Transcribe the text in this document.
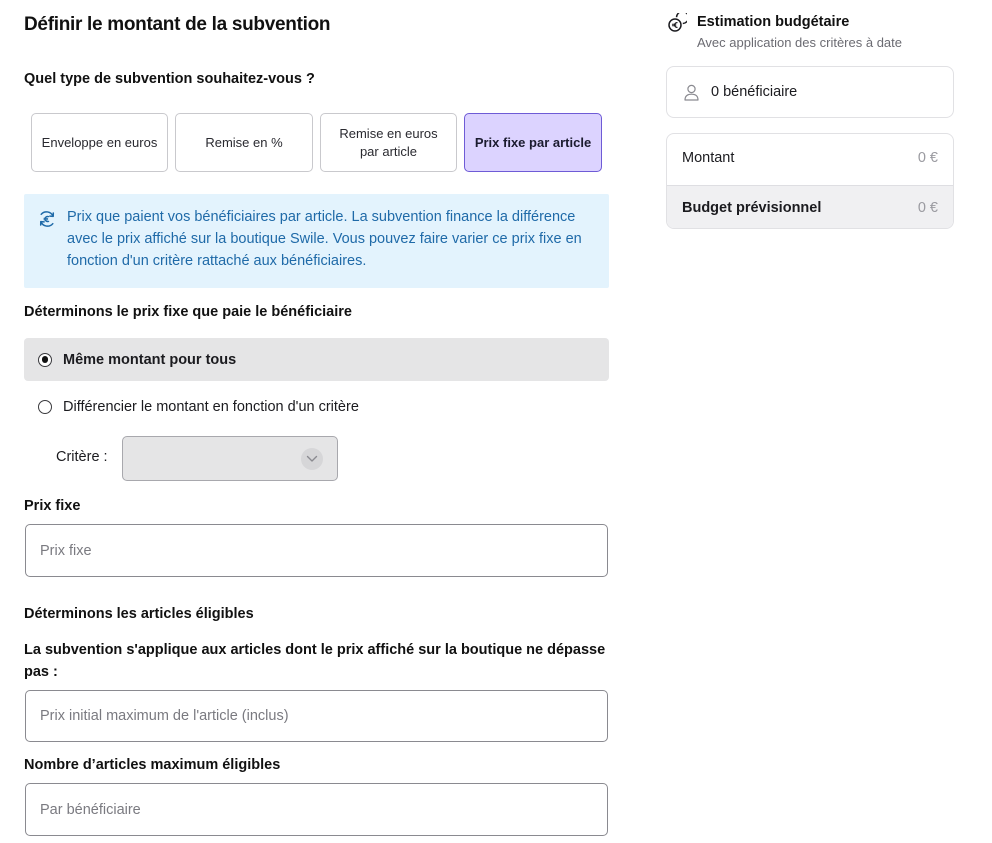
Définir le montant de la subvention
Quel type de subvention souhaitez-vous ?
Enveloppe en euros	Remise en %
Remise en euros par article
Prix fixe par article
Prix que paient vos bénéficiaires par article. La subvention finance la différence avec le prix affiché sur la boutique Swile. Vous pouvez faire varier ce prix fixe en fonction d'un critère rattaché aux bénéficiaires.
Déterminons le prix fixe que paie le bénéficiaire
Même montant pour tous
Différencier le montant en fonction d'un critère
Critère :
Prix fixe
Prix fixe
Déterminons les articles éligibles
La subvention s'applique aux articles dont le prix affiché sur la boutique ne dépasse pas :
Prix initial maximum de l'article (inclus)
Nombre d’articles maximum éligibles
Par bénéficiaire
Estimation budgétaire
Avec application des critères à date
0 bénéficiaire
Montant	0 €
Budget prévisionnel	0 €
